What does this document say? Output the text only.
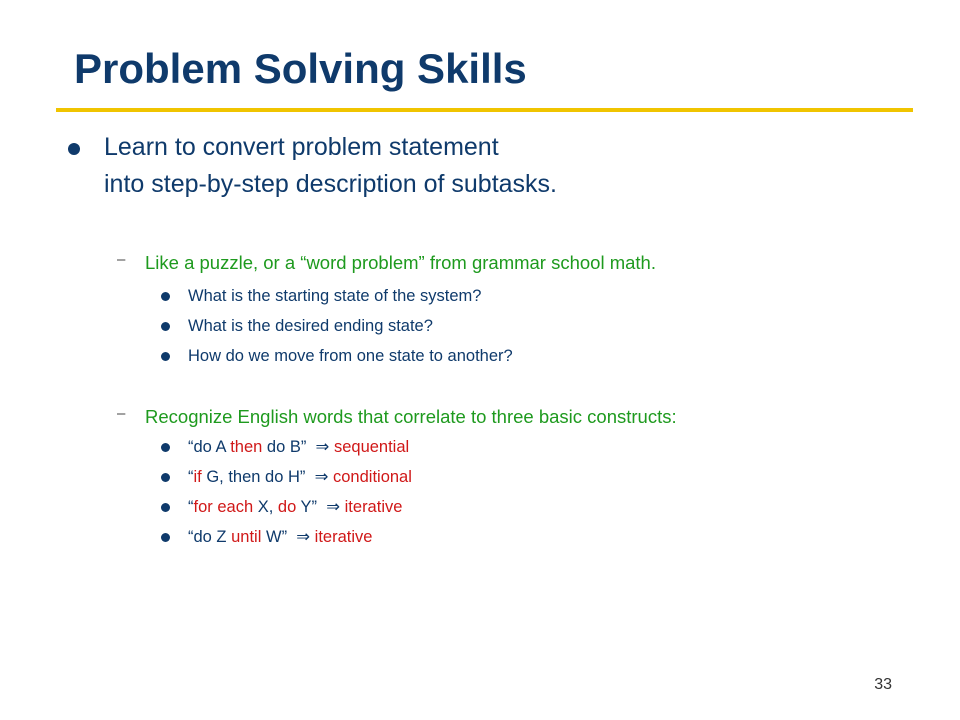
Problem Solving Skills
Learn to convert problem statement
into step-by-step description of subtasks.
– Like a puzzle, or a “word problem” from grammar school math.
What is the starting state of the system?
What is the desired ending state?
How do we move from one state to another?
– Recognize English words that correlate to three basic constructs:
“do A then do B” ⇒ sequential
“if G, then do H” ⇒ conditional
“for each X, do Y” ⇒ iterative
“do Z until W” ⇒ iterative
33
